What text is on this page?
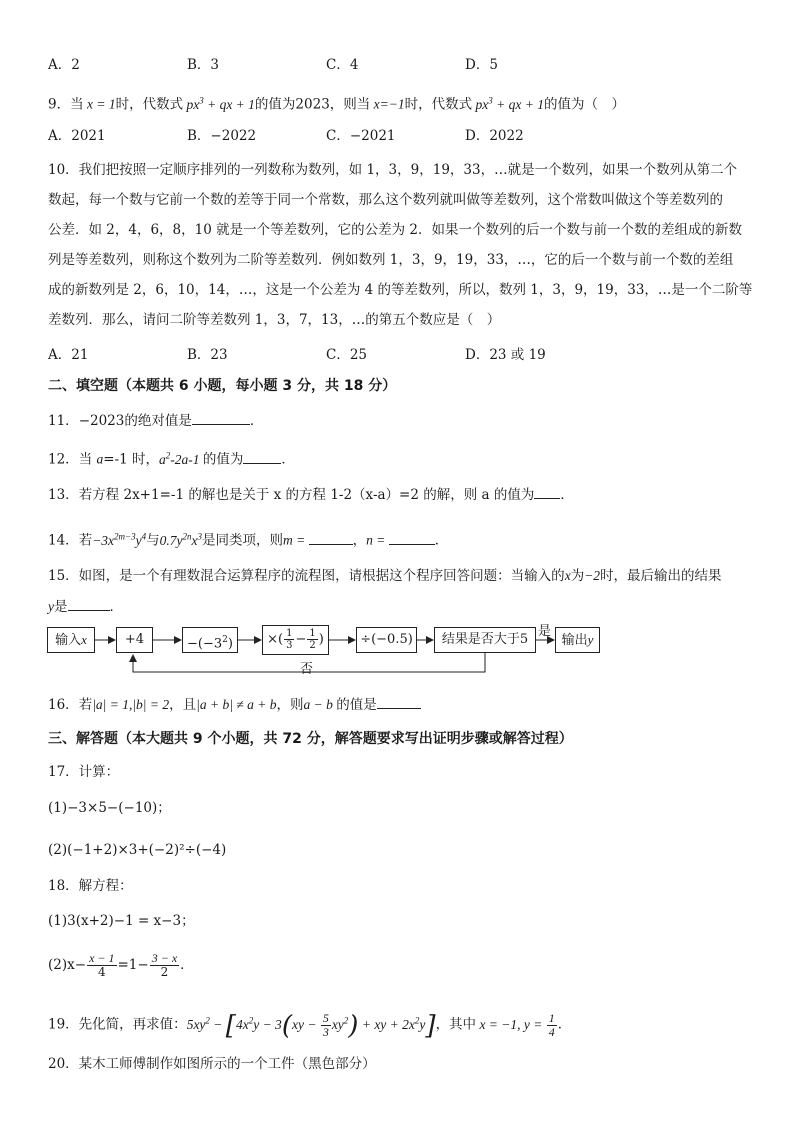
A．2	B．3	C．4	D．5
9．当 x = 1时，代数式 $px^3$ + qx + 1的值为2023，则当 x=−1时，代数式 $px^3$ + qx + 1的值为（　）
A．2021	B．−2022	C．−2021	D．2022
10．我们把按照一定顺序排列的一列数称为数列，如 1，3，9，19，33，…就是一个数列，如果一个数列从第二个
数起，每一个数与它前一个数的差等于同一个常数，那么这个数列就叫做等差数列，这个常数叫做这个等差数列的
公差．如 2，4，6，8，10 就是一个等差数列，它的公差为 2．如果一个数列的后一个数与前一个数的差组成的新数
列是等差数列，则称这个数列为二阶等差数列．例如数列 1，3，9，19，33，…，它的后一个数与前一个数的差组
成的新数列是 2，6，10，14，…，这是一个公差为 4 的等差数列，所以，数列 1，3，9，19，33，…是一个二阶等
差数列．那么，请问二阶等差数列 1，3，7，13，…的第五个数应是（　）
A．21	B．23	C．25	D．23 或 19
二、填空题（本题共 6 小题，每小题 3 分，共 18 分）
11．−2023的绝对值是	．
12．当 a=-1 时，$a^2-2a-1$ 的值为	．
13．若方程 2x+1=-1 的解也是关于 x 的方程 1-2（x-a）=2 的解，则 a 的值为 ．
14．若$-3x^{2m-3}y^4$与$0.7y^{2n}x^3$是同类项，则m =	，n =	．
15．如图，是一个有理数混合运算程序的流程图，请根据这个程序回答问题：当输入的x为−2时，最后输出的结果
y是	．
输入x	+4	$-(-3^2)$	×( $\frac{1}{3} - \frac{1}{2}$ )	÷(−0.5)	结果是否大于5
是
输出y
否
16．若|a| = 1,|b| = 2，且|a + b| ≠ a + b，则a − b 的值是
三、解答题（本大题共 9 个小题，共 72 分，解答题要求写出证明步骤或解答过程）
17．计算：
(1)−3×5−(−10)；
(2)(−1+2)×3+(−2)²÷(−4)
18．解方程：
(1)3(x+2)−1 = x−3；
$(2)x- \frac{x - 1}{4} =1- \frac{3 - x}{2}$ ．
19．先化简，再求值：$5xy^2 - [4x^2y - 3(xy - \frac{5}{3} xy^2)$ + xy + $2x^2y$]，其中 x = −1, $y = \frac{1}{4}$ ．
20．某木工师傅制作如图所示的一个工件（黑色部分）
